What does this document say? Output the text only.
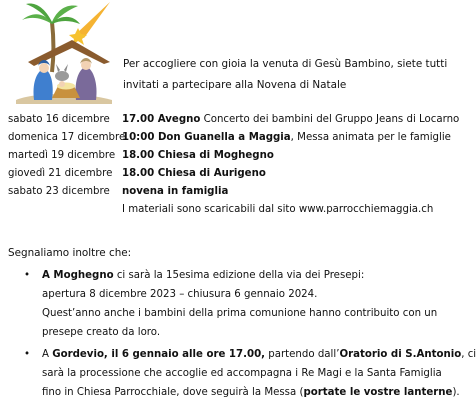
Per accogliere con gioia la venuta di Gesù Bambino, siete tutti
invitati a partecipare alla Novena di Natale
sabato 16 dicembre 17.00 Avegno Concerto dei bambini del Gruppo Jeans di Locarno
domenica 17 dicembre
10:00 Don Guanella a Maggia, Messa animata per le famiglie
martedì 19 dicembre 18.00 Chiesa di Moghegno
giovedì 21 dicembre 18.00 Chiesa di Aurigeno
sabato 23 dicembre novena in famiglia
I materiali sono scaricabili dal sito www.parrocchiemaggia.ch
Segnaliamo inoltre che:
• A Moghegno ci sarà la 15esima edizione della via dei Presepi:
apertura 8 dicembre 2023 – chiusura 6 gennaio 2024.
Quest’anno anche i bambini della prima comunione hanno contribuito con un
presepe creato da loro.
• A Gordevio, il 6 gennaio alle ore 17.00, partendo dall’Oratorio di S.Antonio, ci
sarà la processione che accoglie ed accompagna i Re Magi e la Santa Famiglia
fino in Chiesa Parrocchiale, dove seguirà la Messa (portate le vostre lanterne).
